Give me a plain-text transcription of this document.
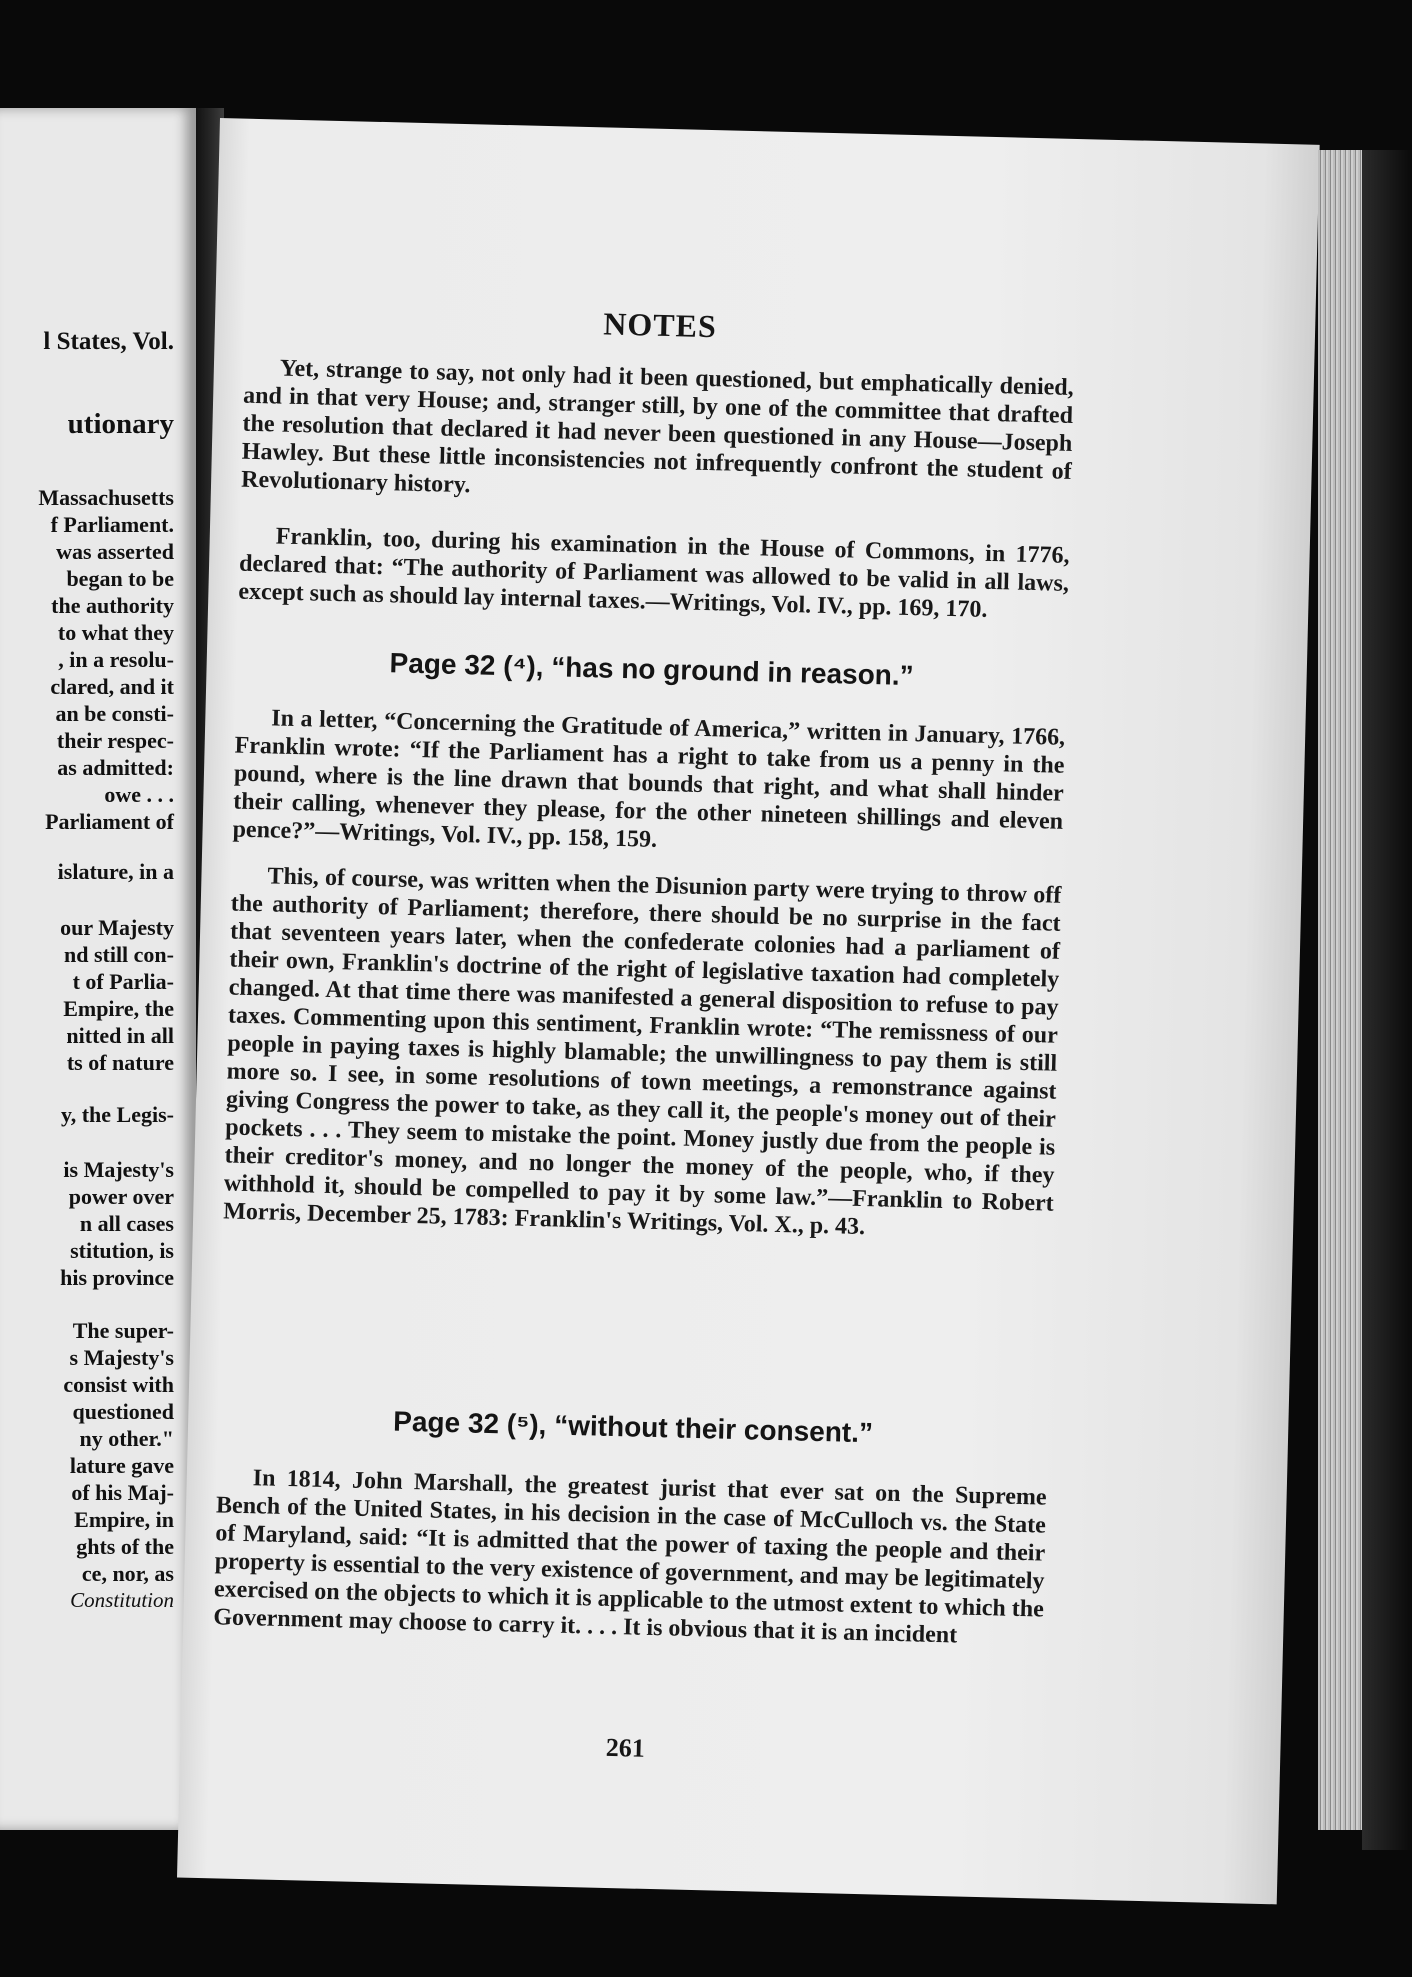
l States, Vol.
utionary
Massachusetts
f Parliament.
was asserted
began to be
the authority
to what they
, in a resolu-
clared, and it
an be consti-
their respec-
as admitted:
owe . . .
Parliament of
islature, in a
our Majesty
nd still con-
t of Parlia-
Empire, the
nitted in all
ts of nature
y, the Legis-
is Majesty's
power over
n all cases
stitution, is
his province
The super-
s Majesty's
consist with
questioned
ny other."
lature gave
of his Maj-
Empire, in
ghts of the
ce, nor, as
Constitution
NOTES

Yet, strange to say, not only had it been questioned, but emphatically denied, and in that very House; and, stranger still, by one of the committee that drafted the resolution that declared it had never been questioned in any House—Joseph Hawley. But these little inconsistencies not infrequently confront the student of Revolutionary history.

Franklin, too, during his examination in the House of Commons, in 1776, declared that: “The authority of Parliament was allowed to be valid in all laws, except such as should lay internal taxes.—Writings, Vol. IV., pp. 169, 170.

Page 32 (⁴), “has no ground in reason.”

In a letter, “Concerning the Gratitude of America,” written in January, 1766, Franklin wrote: “If the Parliament has a right to take from us a penny in the pound, where is the line drawn that bounds that right, and what shall hinder their calling, whenever they please, for the other nineteen shillings and eleven pence?”—Writings, Vol. IV., pp. 158, 159.

This, of course, was written when the Disunion party were trying to throw off the authority of Parliament; therefore, there should be no surprise in the fact that seventeen years later, when the confederate colonies had a parliament of their own, Franklin's doctrine of the right of legislative taxation had completely changed. At that time there was manifested a general disposition to refuse to pay taxes. Commenting upon this sentiment, Franklin wrote: “The remissness of our people in paying taxes is highly blamable; the unwillingness to pay them is still more so. I see, in some resolutions of town meetings, a remonstrance against giving Congress the power to take, as they call it, the people's money out of their pockets . . . They seem to mistake the point. Money justly due from the people is their creditor's money, and no longer the money of the people, who, if they withhold it, should be compelled to pay it by some law.”—Franklin to Robert Morris, December 25, 1783: Franklin's Writings, Vol. X., p. 43.

Page 32 (⁵), “without their consent.”

In 1814, John Marshall, the greatest jurist that ever sat on the Supreme Bench of the United States, in his decision in the case of McCulloch vs. the State of Maryland, said: “It is admitted that the power of taxing the people and their property is essential to the very existence of government, and may be legitimately exercised on the objects to which it is applicable to the utmost extent to which the Government may choose to carry it. . . . It is obvious that it is an incident

261
